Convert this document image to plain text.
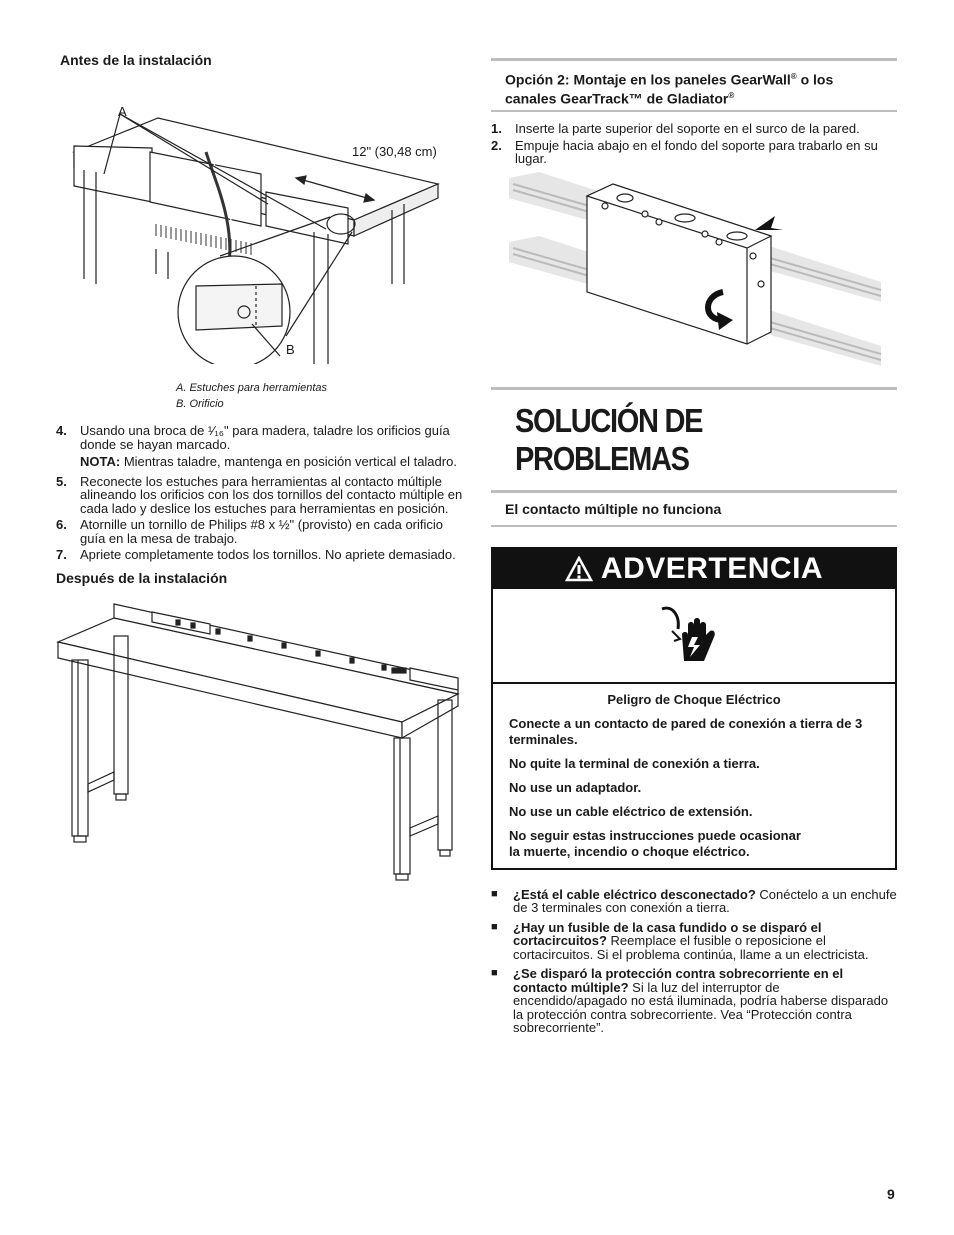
Antes de la instalación
A
12" (30,48 cm)
B
A. Estuches para herramientas
B. Orificio
4.	Usando una broca de ¹⁄₁₆" para madera, taladre los orificios guía donde se hayan marcado.
NOTA: Mientras taladre, mantenga en posición vertical el taladro.
5.	Reconecte los estuches para herramientas al contacto múltiple alineando los orificios con los dos tornillos del contacto múltiple en cada lado y deslice los estuches para herramientas en posición.
6.	Atornille un tornillo de Philips #8 x ½" (provisto) en cada orificio guía en la mesa de trabajo.
7.	Apriete completamente todos los tornillos. No apriete demasiado.
Después de la instalación
Opción 2: Montaje en los paneles GearWall® o los
canales GearTrack™ de Gladiator®
1.	Inserte la parte superior del soporte en el surco de la pared.
2.	Empuje hacia abajo en el fondo del soporte para trabarlo en su lugar.
SOLUCIÓN DE PROBLEMAS
El contacto múltiple no funciona
ADVERTENCIA

Peligro de Choque Eléctrico

Conecte a un contacto de pared de conexión a tierra de 3 terminales.

No quite la terminal de conexión a tierra.

No use un adaptador.

No use un cable eléctrico de extensión.

No seguir estas instrucciones puede ocasionar
la muerte, incendio o choque eléctrico.

■	¿Está el cable eléctrico desconectado? Conéctelo a un enchufe de 3 terminales con conexión a tierra.
■	¿Hay un fusible de la casa fundido o se disparó el cortacircuitos? Reemplace el fusible o reposicione el cortacircuitos. Si el problema continúa, llame a un electricista.
■	¿Se disparó la protección contra sobrecorriente en el contacto múltiple? Si la luz del interruptor de encendido/apagado no está iluminada, podría haberse disparado la protección contra sobrecorriente. Vea “Protección contra sobrecorriente”.
9
